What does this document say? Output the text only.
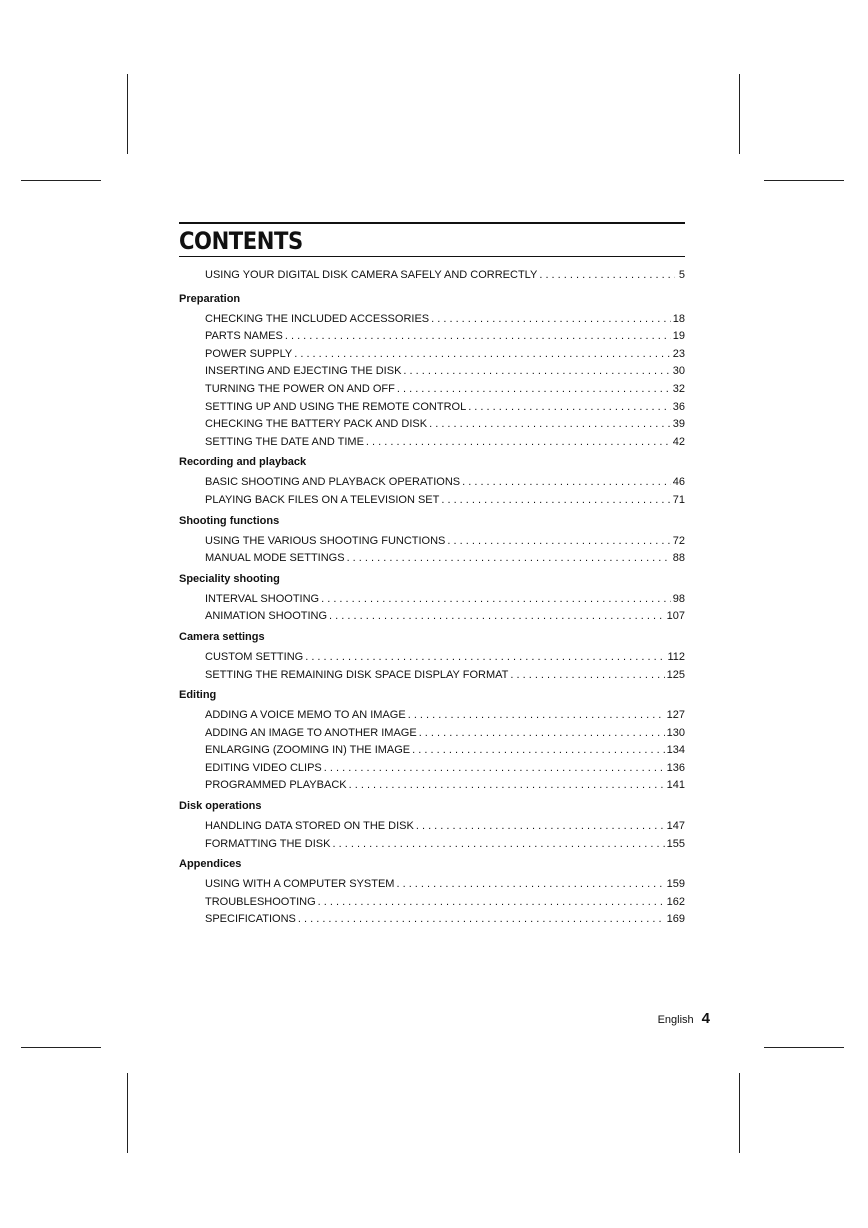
CONTENTS
USING YOUR DIGITAL DISK CAMERA SAFELY AND CORRECTLY . . .	5
Preparation
CHECKING THE INCLUDED ACCESSORIES . . .	18
PARTS NAMES . . .	19
POWER SUPPLY . . .	23
INSERTING AND EJECTING THE DISK . . .	30
TURNING THE POWER ON AND OFF . . .	32
SETTING UP AND USING THE REMOTE CONTROL . . .	36
CHECKING THE BATTERY PACK AND DISK . . .	39
SETTING THE DATE AND TIME . . .	42
Recording and playback
BASIC SHOOTING AND PLAYBACK OPERATIONS . . .	46
PLAYING BACK FILES ON A TELEVISION SET . . .	71
Shooting functions
USING THE VARIOUS SHOOTING FUNCTIONS . . .	72
MANUAL MODE SETTINGS . . .	88
Speciality shooting
INTERVAL SHOOTING . . .	98
ANIMATION SHOOTING . . .	107
Camera settings
CUSTOM SETTING . . .	112
SETTING THE REMAINING DISK SPACE DISPLAY FORMAT . . .	125
Editing
ADDING A VOICE MEMO TO AN IMAGE . . .	127
ADDING AN IMAGE TO ANOTHER IMAGE . . .	130
ENLARGING (ZOOMING IN) THE IMAGE . . .	134
EDITING VIDEO CLIPS . . .	136
PROGRAMMED PLAYBACK . . .	141
Disk operations
HANDLING DATA STORED ON THE DISK . . .	147
FORMATTING THE DISK . . .	155
Appendices
USING WITH A COMPUTER SYSTEM . . .	159
TROUBLESHOOTING . . .	162
SPECIFICATIONS . . .	169
English 4
